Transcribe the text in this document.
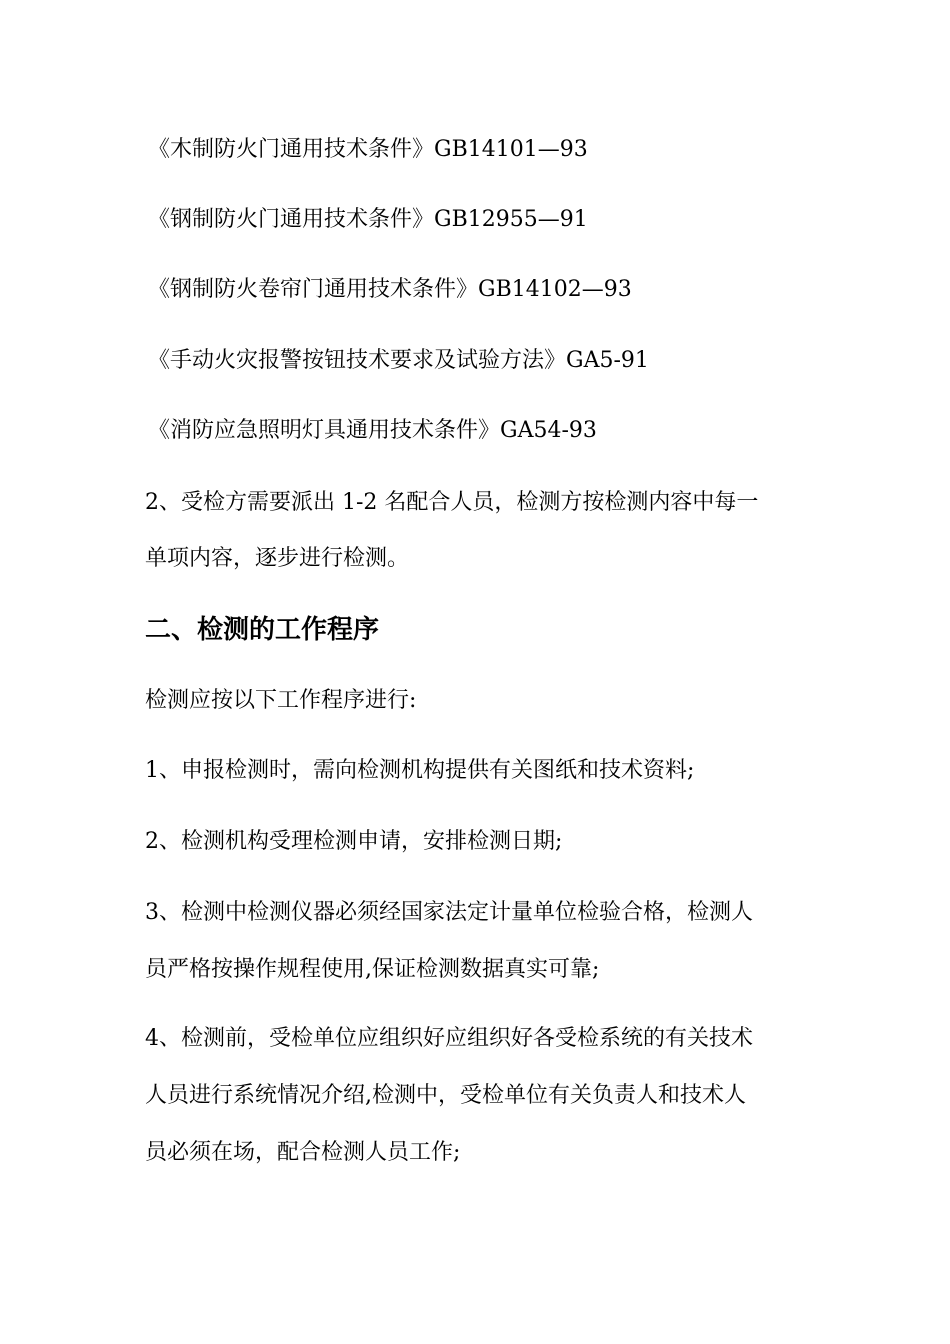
《木制防火门通用技术条件》GB14101—93
《钢制防火门通用技术条件》GB12955—91
《钢制防火卷帘门通用技术条件》GB14102—93
《手动火灾报警按钮技术要求及试验方法》GA5-91
《消防应急照明灯具通用技术条件》GA54-93
2、受检方需要派出 1-2 名配合人员，检测方按检测内容中每一
单项内容，逐步进行检测。
二、检测的工作程序
检测应按以下工作程序进行:
1、申报检测时，需向检测机构提供有关图纸和技术资料;
2、检测机构受理检测申请，安排检测日期;
3、检测中检测仪器必须经国家法定计量单位检验合格，检测人
员严格按操作规程使用,保证检测数据真实可靠;
4、检测前，受检单位应组织好应组织好各受检系统的有关技术
人员进行系统情况介绍,检测中，受检单位有关负责人和技术人
员必须在场，配合检测人员工作;
